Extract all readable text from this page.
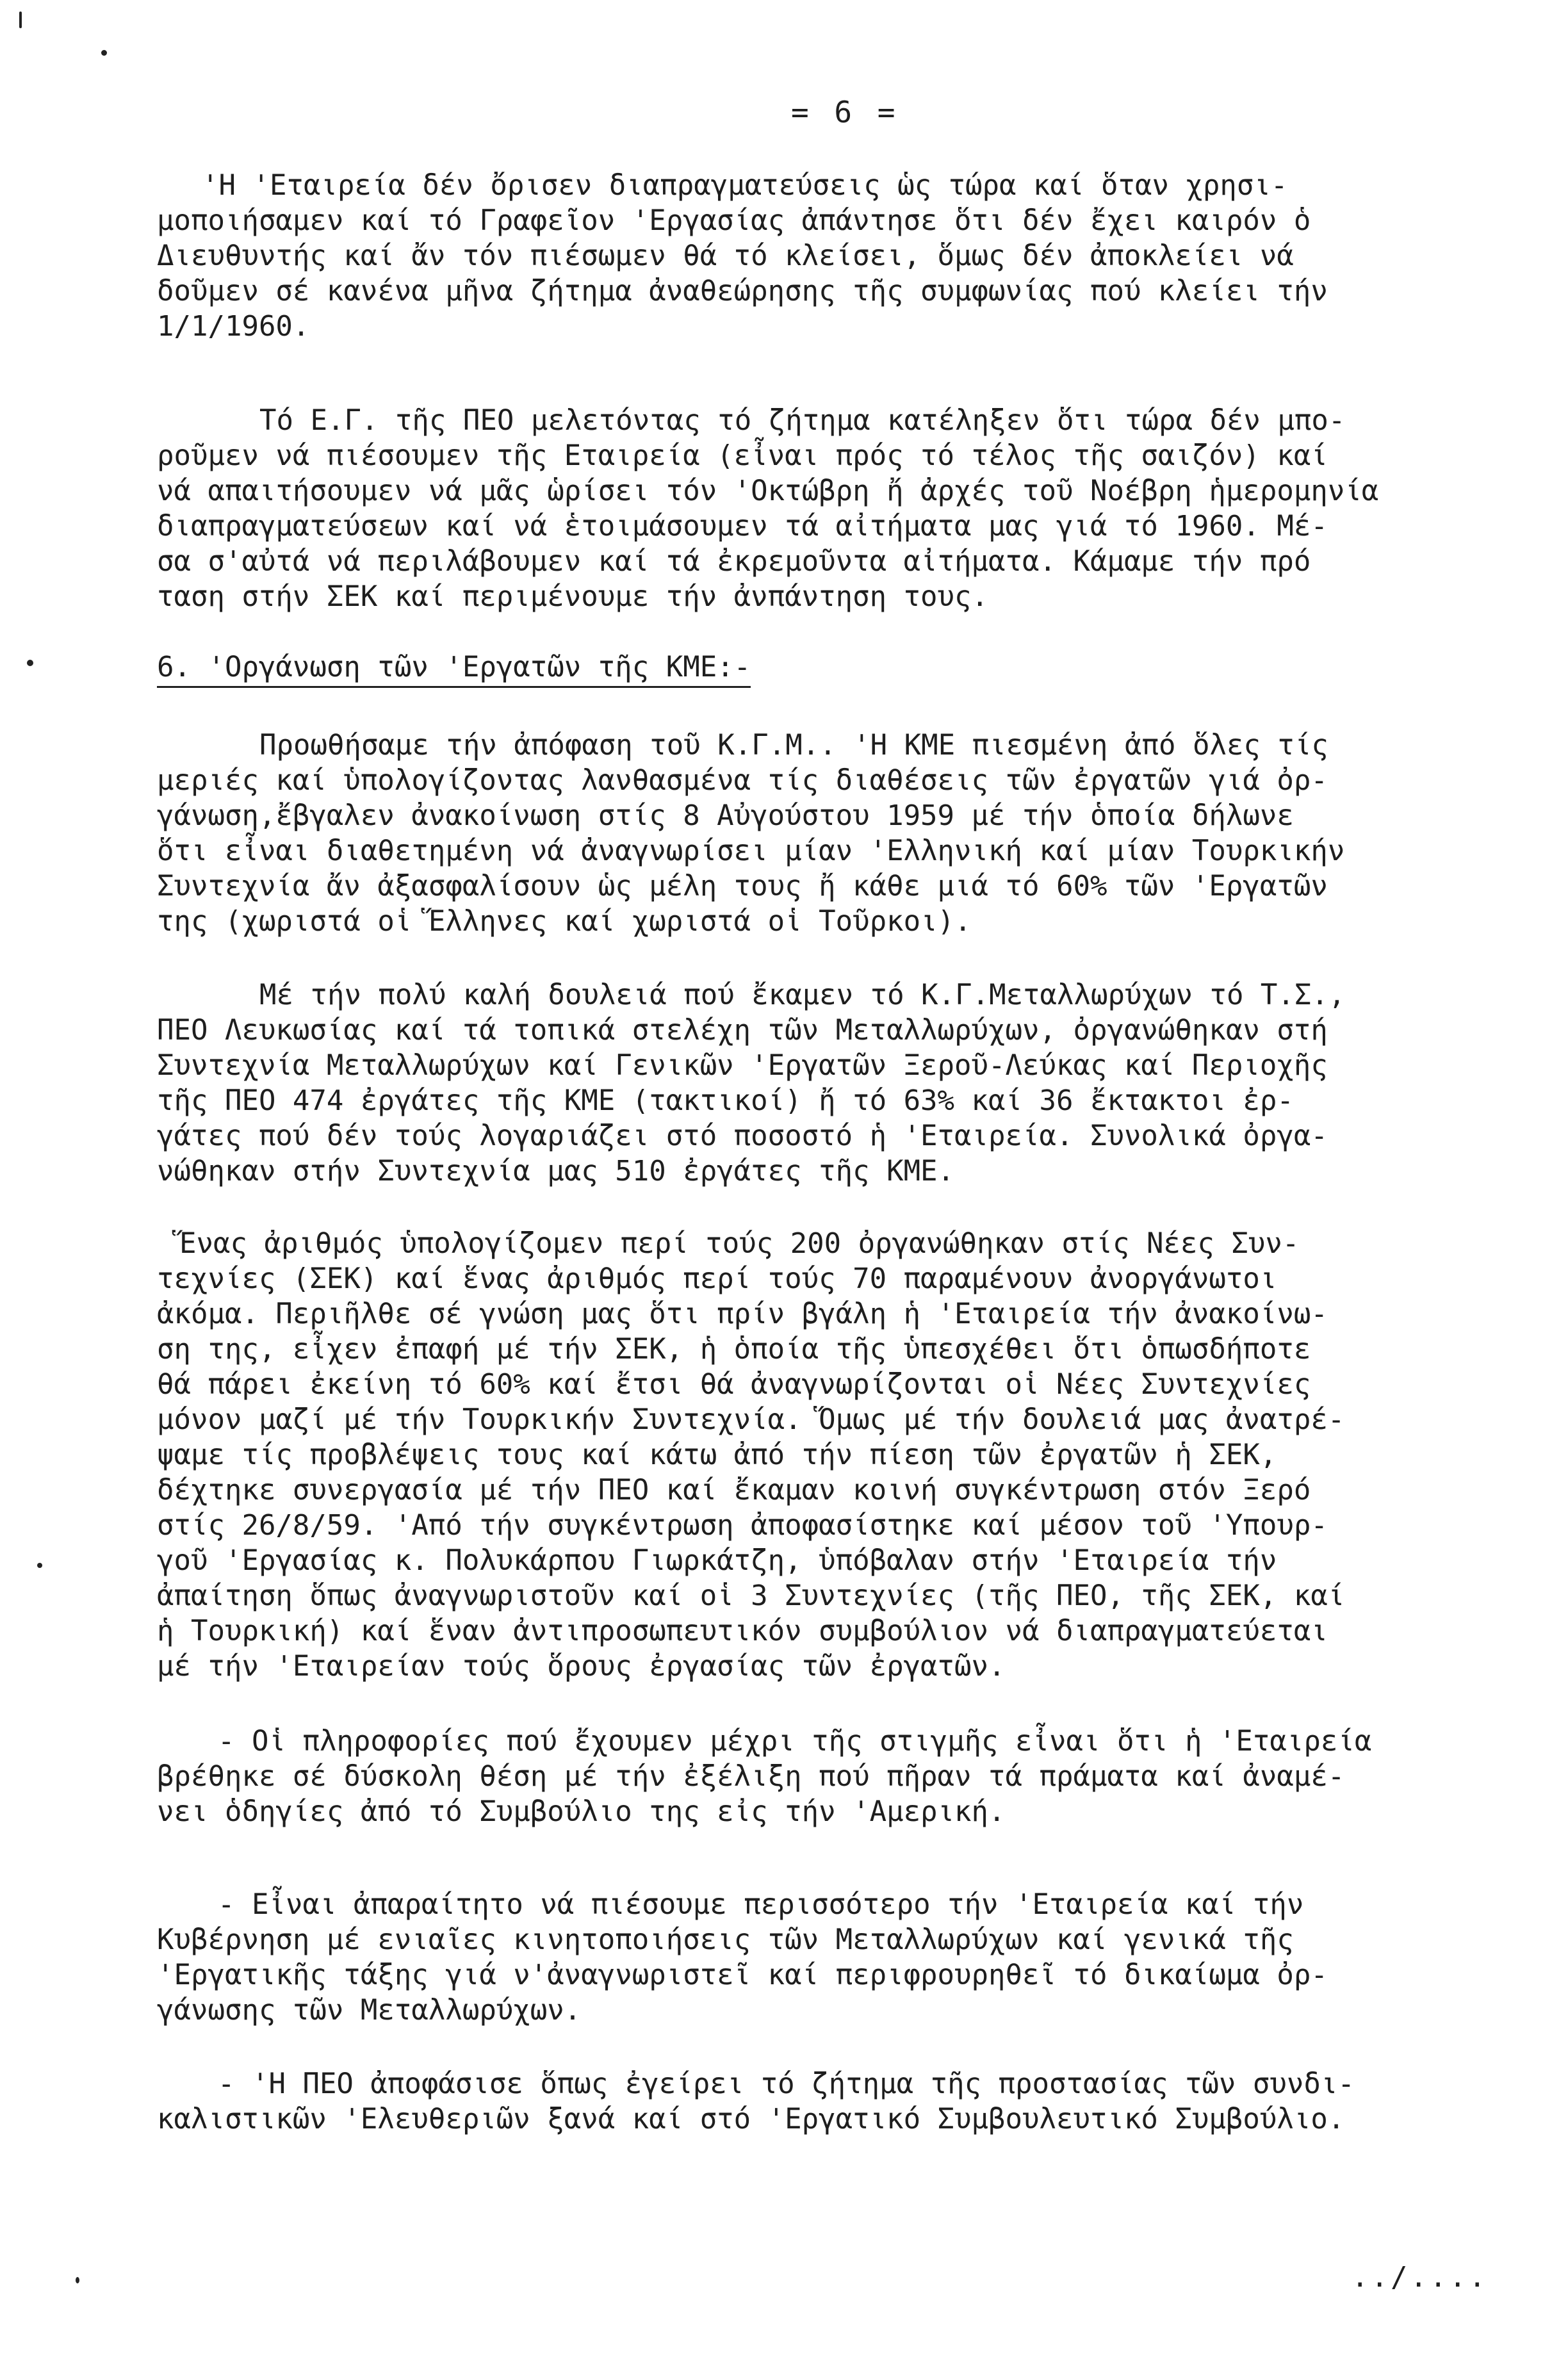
= 6 =

'Η 'Εταιρεία δέν ὄρισεν διαπραγματεύσεις ὡς τώρα καί ὅταν χρησι-
μοποιήσαμεν καί τό Γραφεῖον 'Εργασίας ἀπάντησε ὅτι δέν ἔχει καιρόν ὁ
Διευθυντής καί ἄν τόν πιέσωμεν θά τό κλείσει, ὅμως δέν ἀποκλείει νά
δοῦμεν σέ κανένα μῆνα ζήτημα ἀναθεώρησης τῆς συμφωνίας πού κλείει τήν
1/1/1960.

Τό Ε.Γ. τῆς ΠΕΟ μελετόντας τό ζήτημα κατέληξεν ὅτι τώρα δέν μπο-
ροῦμεν νά πιέσουμεν τῆς Εταιρεία (εἶναι πρός τό τέλος τῆς σαιζόν) καί
νά απαιτήσουμεν νά μᾶς ὡρίσει τόν 'Οκτώβρη ἤ ἀρχές τοῦ Νοέβρη ἡμερομηνία
διαπραγματεύσεων καί νά ἑτοιμάσουμεν τά αἰτήματα μας γιά τό 1960. Μέ-
σα σ'αὐτά νά περιλάβουμεν καί τά ἐκρεμοῦντα αἰτήματα. Κάμαμε τήν πρό
ταση στήν ΣΕΚ καί περιμένουμε τήν ἀνπάντηση τους.

6. 'Οργάνωση τῶν 'Εργατῶν τῆς ΚΜΕ:-

Προωθήσαμε τήν ἀπόφαση τοῦ Κ.Γ.Μ.. 'Η ΚΜΕ πιεσμένη ἀπό ὅλες τίς
μεριές καί ὑπολογίζοντας λανθασμένα τίς διαθέσεις τῶν ἐργατῶν γιά ὀρ-
γάνωση,ἔβγαλεν ἀνακοίνωση στίς 8 Αὐγούστου 1959 μέ τήν ὁποία δήλωνε
ὅτι εἶναι διαθετημένη νά ἀναγνωρίσει μίαν 'Ελληνική καί μίαν Τουρκικήν
Συντεχνία ἄν ἀξασφαλίσουν ὡς μέλη τους ἤ κάθε μιά τό 60% τῶν 'Εργατῶν
της (χωριστά οἱ Ἕλληνες καί χωριστά οἱ Τοῦρκοι).

Μέ τήν πολύ καλή δουλειά πού ἔκαμεν τό Κ.Γ.Μεταλλωρύχων τό Τ.Σ.,
ΠΕΟ Λευκωσίας καί τά τοπικά στελέχη τῶν Μεταλλωρύχων, ὀργανώθηκαν στή
Συντεχνία Μεταλλωρύχων καί Γενικῶν 'Εργατῶν Ξεροῦ-Λεύκας καί Περιοχῆς
τῆς ΠΕΟ 474 ἐργάτες τῆς ΚΜΕ (τακτικοί) ἤ τό 63% καί 36 ἔκτακτοι ἐρ-
γάτες πού δέν τούς λογαριάζει στό ποσοστό ἡ 'Εταιρεία. Συνολικά ὀργα-
νώθηκαν στήν Συντεχνία μας 510 ἐργάτες τῆς ΚΜΕ.

Ἕνας ἀριθμός ὑπολογίζομεν περί τούς 200 ὀργανώθηκαν στίς Νέες Συν-
τεχνίες (ΣΕΚ) καί ἕνας ἀριθμός περί τούς 70 παραμένουν ἀνοργάνωτοι
ἀκόμα. Περιῆλθε σέ γνώση μας ὅτι πρίν βγάλη ἡ 'Εταιρεία τήν ἀνακοίνω-
ση της, εἶχεν ἐπαφή μέ τήν ΣΕΚ, ἡ ὁποία τῆς ὑπεσχέθει ὅτι ὁπωσδήποτε
θά πάρει ἐκείνη τό 60% καί ἔτσι θά ἀναγνωρίζονται οἱ Νέες Συντεχνίες
μόνον μαζί μέ τήν Τουρκικήν Συντεχνία. Ὅμως μέ τήν δουλειά μας ἀνατρέ-
ψαμε τίς προβλέψεις τους καί κάτω ἀπό τήν πίεση τῶν ἐργατῶν ἡ ΣΕΚ,
δέχτηκε συνεργασία μέ τήν ΠΕΟ καί ἔκαμαν κοινή συγκέντρωση στόν Ξερό
στίς 26/8/59. 'Από τήν συγκέντρωση ἀποφασίστηκε καί μέσον τοῦ 'Υπουρ-
γοῦ 'Εργασίας κ. Πολυκάρπου Γιωρκάτζη, ὑπόβαλαν στήν 'Εταιρεία τήν
ἀπαίτηση ὅπως ἀναγνωριστοῦν καί οἱ 3 Συντεχνίες (τῆς ΠΕΟ, τῆς ΣΕΚ, καί
ἡ Τουρκική) καί ἕναν ἀντιπροσωπευτικόν συμβούλιον νά διαπραγματεύεται
μέ τήν 'Εταιρείαν τούς ὅρους ἐργασίας τῶν ἐργατῶν.

- Οἱ πληροφορίες πού ἔχουμεν μέχρι τῆς στιγμῆς εἶναι ὅτι ἡ 'Εταιρεία
βρέθηκε σέ δύσκολη θέση μέ τήν ἐξέλιξη πού πῆραν τά πράματα καί ἀναμέ-
νει ὁδηγίες ἀπό τό Συμβούλιο της εἰς τήν 'Αμερική.

- Εἶναι ἀπαραίτητο νά πιέσουμε περισσότερο τήν 'Εταιρεία καί τήν
Κυβέρνηση μέ ενιαῖες κινητοποιήσεις τῶν Μεταλλωρύχων καί γενικά τῆς
'Εργατικῆς τάξης γιά ν'ἀναγνωριστεῖ καί περιφρουρηθεῖ τό δικαίωμα ὀρ-
γάνωσης τῶν Μεταλλωρύχων.

- 'Η ΠΕΟ ἀποφάσισε ὅπως ἐγείρει τό ζήτημα τῆς προστασίας τῶν συνδι-
καλιστικῶν 'Ελευθεριῶν ξανά καί στό 'Εργατικό Συμβουλευτικό Συμβούλιο.

../....
